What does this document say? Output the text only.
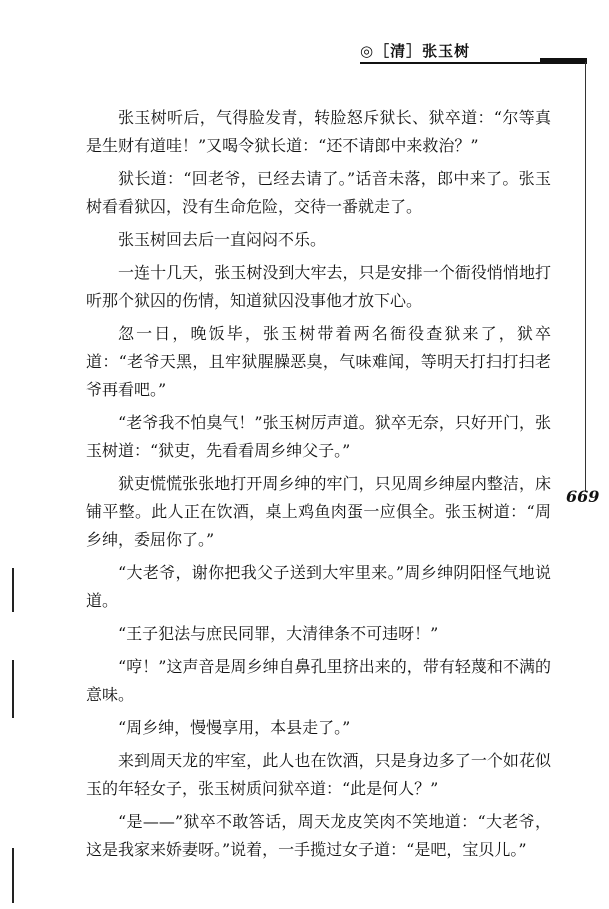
◎［清］张玉树
669

张玉树听后，气得脸发青，转脸怒斥狱长、狱卒道：“尔等真是生财有道哇！”又喝令狱长道：“还不请郎中来救治？”

狱长道：“回老爷，已经去请了。”话音未落，郎中来了。张玉树看看狱囚，没有生命危险，交待一番就走了。

张玉树回去后一直闷闷不乐。

一连十几天，张玉树没到大牢去，只是安排一个衙役悄悄地打听那个狱囚的伤情，知道狱囚没事他才放下心。

忽一日，晚饭毕，张玉树带着两名衙役查狱来了，狱卒道：“老爷天黑，且牢狱腥臊恶臭，气味难闻，等明天打扫打扫老爷再看吧。”

“老爷我不怕臭气！”张玉树厉声道。狱卒无奈，只好开门，张玉树道：“狱吏，先看看周乡绅父子。”

狱吏慌慌张张地打开周乡绅的牢门，只见周乡绅屋内整洁，床铺平整。此人正在饮酒，桌上鸡鱼肉蛋一应俱全。张玉树道：“周乡绅，委屈你了。”

“大老爷，谢你把我父子送到大牢里来。”周乡绅阴阳怪气地说道。

“王子犯法与庶民同罪，大清律条不可违呀！”

“哼！”这声音是周乡绅自鼻孔里挤出来的，带有轻蔑和不满的意味。

“周乡绅，慢慢享用，本县走了。”

来到周天龙的牢室，此人也在饮酒，只是身边多了一个如花似玉的年轻女子，张玉树质问狱卒道：“此是何人？”

“是——”狱卒不敢答话，周天龙皮笑肉不笑地道：“大老爷，这是我家来娇妻呀。”说着，一手揽过女子道：“是吧，宝贝儿。”
